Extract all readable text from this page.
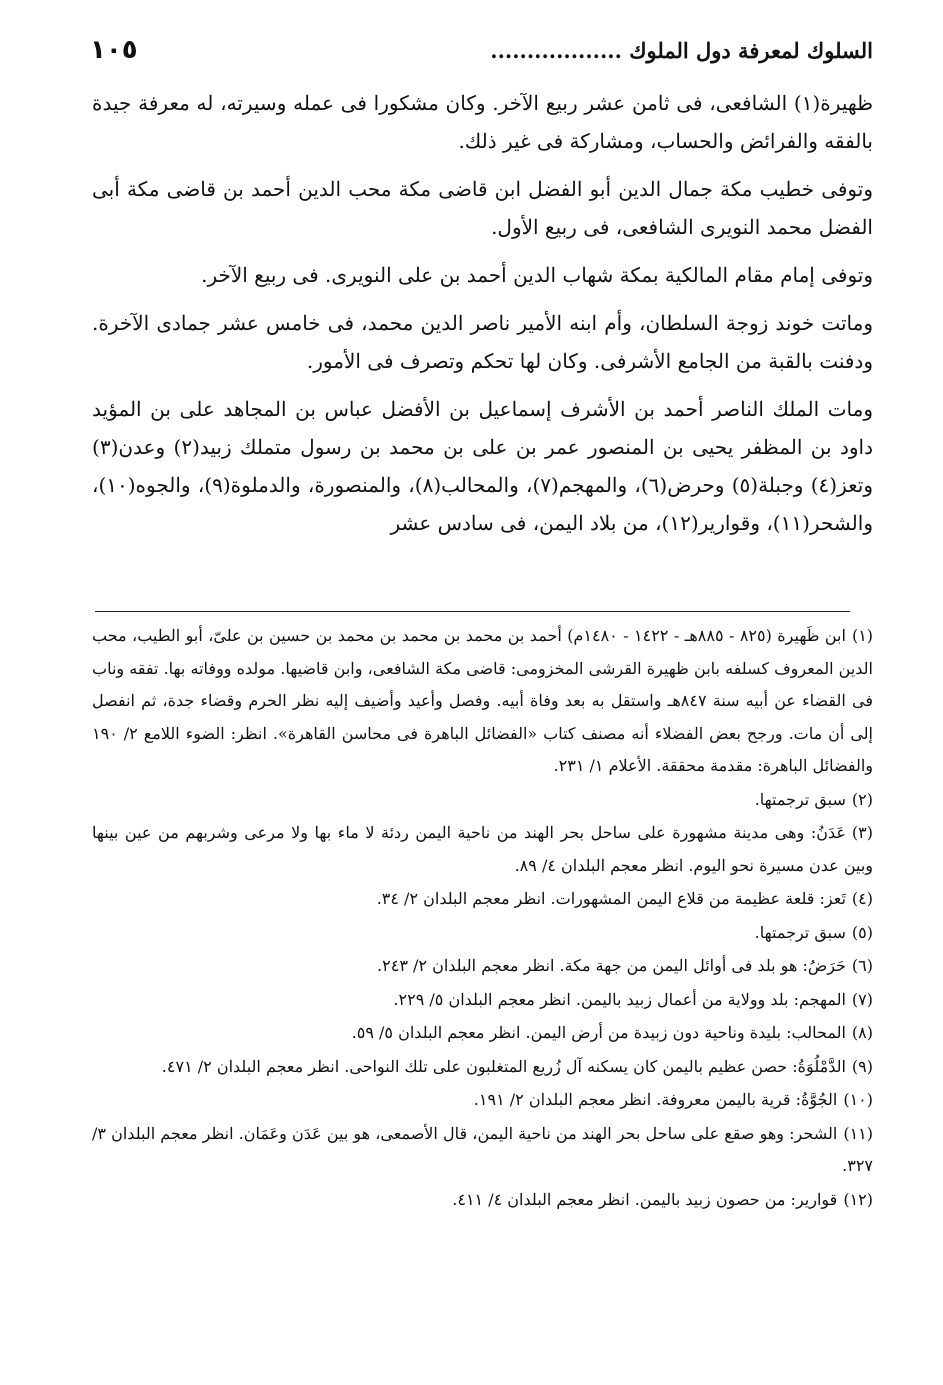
السلوك لمعرفة دول الملوك ..................
١٠٥

ظهيرة(١) الشافعى، فى ثامن عشر ربيع الآخر. وكان مشكورا فى عمله وسيرته، له معرفة جيدة بالفقه والفرائض والحساب، ومشاركة فى غير ذلك.

وتوفى خطيب مكة جمال الدين أبو الفضل ابن قاضى مكة محب الدين أحمد بن قاضى مكة أبى الفضل محمد النويرى الشافعى، فى ربيع الأول.

وتوفى إمام مقام المالكية بمكة شهاب الدين أحمد بن على النويرى. فى ربيع الآخر.

وماتت خوند زوجة السلطان، وأم ابنه الأمير ناصر الدين محمد، فى خامس عشر جمادى الآخرة. ودفنت بالقبة من الجامع الأشرفى. وكان لها تحكم وتصرف فى الأمور.

ومات الملك الناصر أحمد بن الأشرف إسماعيل بن الأفضل عباس بن المجاهد على بن المؤيد داود بن المظفر يحيى بن المنصور عمر بن على بن محمد بن رسول متملك زبيد(٢) وعدن(٣) وتعز(٤) وجبلة(٥) وحرض(٦)، والمهجم(٧)، والمحالب(٨)، والمنصورة، والدملوة(٩)، والجوه(١٠)، والشحر(١١)، وقوارير(١٢)، من بلاد اليمن، فى سادس عشر

(١)ابن ظَهيرة (٨٢٥ - ٨٨٥هـ - ١٤٢٢ - ١٤٨٠م) أحمد بن محمد بن محمد بن محمد بن حسين بن علىّ، أبو الطيب، محب الدين المعروف كسلفه بابن ظهيرة القرشى المخزومى: قاضى مكة الشافعى، وابن قاضيها. مولده ووفاته بها. تفقه وناب فى القضاء عن أبيه سنة ٨٤٧هـ واستقل به بعد وفاة أبيه. وفصل وأعيد وأضيف إليه نظر الحرم وقضاء جدة، ثم انفصل إلى أن مات. ورجح بعض الفضلاء أنه مصنف كتاب «الفضائل الباهرة فى محاسن القاهرة». انظر: الضوء اللامع ٢/ ١٩٠ والفضائل الباهرة: مقدمة محققة. الأعلام ١/ ٢٣١.
(٢)سبق ترجمتها.
(٣)عَدَنُ: وهى مدينة مشهورة على ساحل بحر الهند من ناحية اليمن ردئة لا ماء بها ولا مرعى وشربهم من عين بينها وبين عدن مسيرة نحو اليوم. انظر معجم البلدان ٤/ ٨٩.
(٤)تَعز: قلعة عظيمة من قلاع اليمن المشهورات. انظر معجم البلدان ٢/ ٣٤.
(٥)سبق ترجمتها.
(٦)حَرَضُ: هو بلد فى أوائل اليمن من جهة مكة. انظر معجم البلدان ٢/ ٢٤٣.
(٧)المهجم: بلد وولاية من أعمال زبيد باليمن. انظر معجم البلدان ٥/ ٢٢٩.
(٨)المحالب: بليدة وناحية دون زبيدة من أرض اليمن. انظر معجم البلدان ٥/ ٥٩.
(٩)الدَّمْلُوَةُ: حصن عظيم باليمن كان يسكنه آل زُريع المتغلبون على تلك النواحى. انظر معجم البلدان ٢/ ٤٧١.
(١٠)الجُوَّةُ: قرية باليمن معروفة. انظر معجم البلدان ٢/ ١٩١.
(١١)الشحر: وهو صقع على ساحل بحر الهند من ناحية اليمن، قال الأصمعى، هو بين عَدَن وعَمَان. انظر معجم البلدان ٣/ ٣٢٧.
(١٢)قوارير: من حصون زبيد باليمن. انظر معجم البلدان ٤/ ٤١١.
